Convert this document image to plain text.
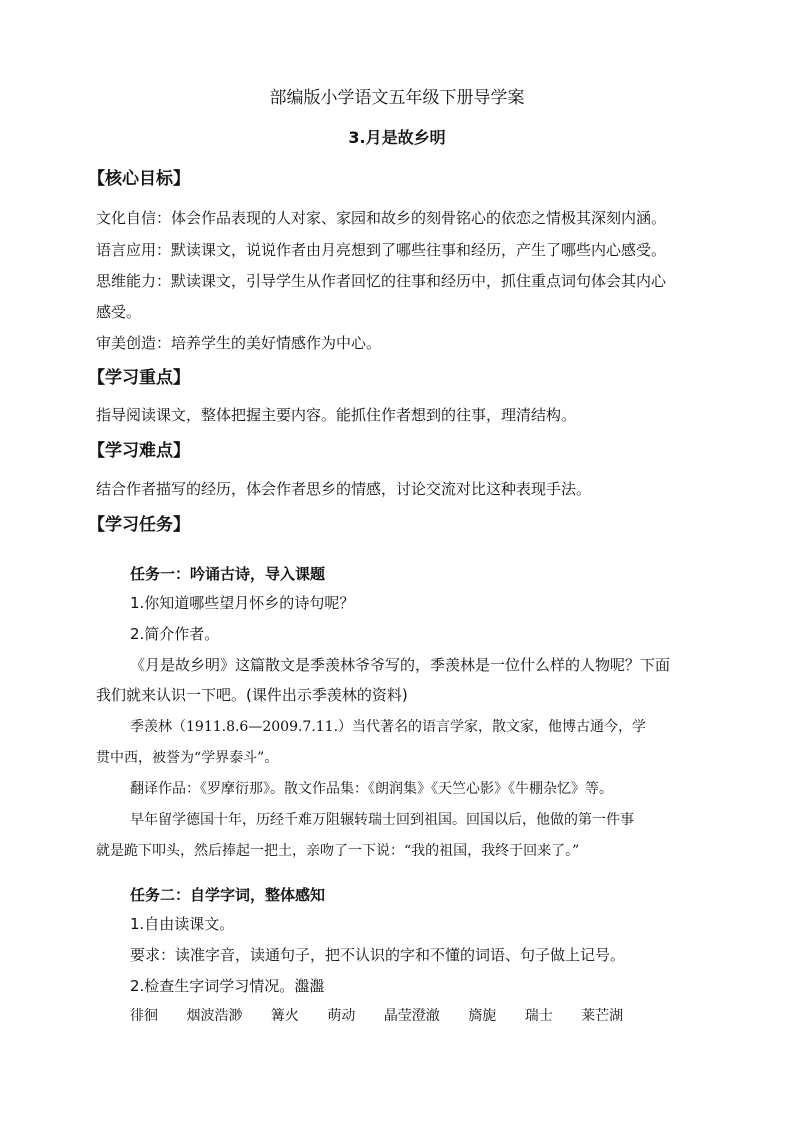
部编版小学语文五年级下册导学案
3.月是故乡明
【核心目标】
文化自信：体会作品表现的人对家、家园和故乡的刻骨铭心的依恋之情极其深刻内涵。
语言应用：默读课文，说说作者由月亮想到了哪些往事和经历，产生了哪些内心感受。
思维能力：默读课文，引导学生从作者回忆的往事和经历中，抓住重点词句体会其内心
感受。
审美创造：培养学生的美好情感作为中心。
【学习重点】
指导阅读课文，整体把握主要内容。能抓住作者想到的往事，理清结构。
【学习难点】
结合作者描写的经历，体会作者思乡的情感，讨论交流对比这种表现手法。
【学习任务】
任务一：吟诵古诗，导入课题
1.你知道哪些望月怀乡的诗句呢？
2.简介作者。
《月是故乡明》这篇散文是季羡林爷爷写的，季羡林是一位什么样的人物呢？下面
我们就来认识一下吧。(课件出示季羡林的资料)
季羡林（1911.8.6—2009.7.11.）当代著名的语言学家，散文家，他博古通今，学
贯中西，被誉为“学界泰斗”。
翻译作品：《罗摩衍那》。散文作品集：《朗润集》《天竺心影》《牛棚杂忆》等。
早年留学德国十年，历经千难万阻辗转瑞士回到祖国。回国以后，他做的第一件事
就是跪下叩头，然后捧起一把土，亲吻了一下说：“我的祖国，我终于回来了。”
任务二：自学字词，整体感知
1.自由读课文。
要求：读准字音，读通句子，把不认识的字和不懂的词语、句子做上记号。
2.检查生字词学习情况。瀊瀊
徘徊 烟波浩渺 篝火 萌动 晶莹澄澈 旖旎 瑞士 莱芒湖
